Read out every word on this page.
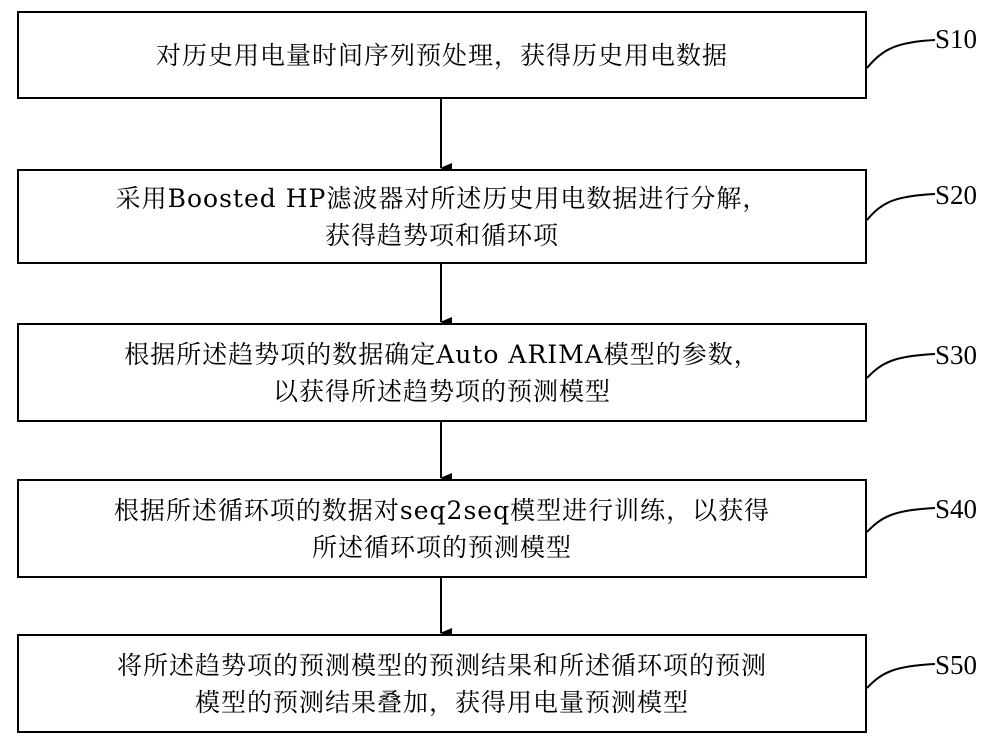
对历史用电量时间序列预处理，获得历史用电数据
S10
采用Boosted HP滤波器对所述历史用电数据进行分解，
获得趋势项和循环项
S20
根据所述趋势项的数据确定Auto ARIMA模型的参数，
以获得所述趋势项的预测模型
S30
根据所述循环项的数据对seq2seq模型进行训练，以获得
所述循环项的预测模型
S40
将所述趋势项的预测模型的预测结果和所述循环项的预测
模型的预测结果叠加，获得用电量预测模型
S50
